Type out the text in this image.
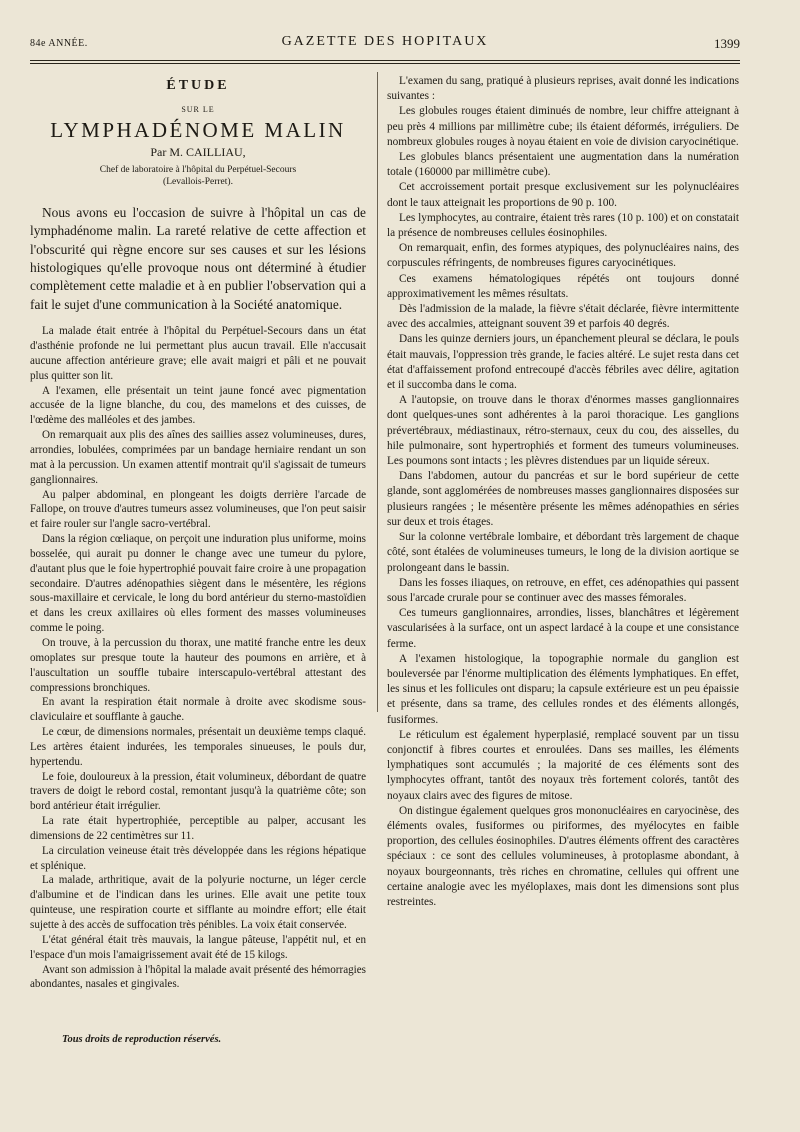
84e ANNÉE.	GAZETTE DES HOPITAUX	1399
ÉTUDE
SUR LE
LYMPHADÉNOME MALIN
Par M. CAILLIAU,
Chef de laboratoire à l'hôpital du Perpétuel-Secours
(Levallois-Perret).

Nous avons eu l'occasion de suivre à l'hôpital un cas de lymphadénome malin. La rareté relative de cette affection et l'obscurité qui règne encore sur ses causes et sur les lésions histologiques qu'elle provoque nous ont déterminé à étudier complètement cette maladie et à en publier l'observation qui a fait le sujet d'une communication à la Société anatomique.

La malade était entrée à l'hôpital du Perpétuel-Secours dans un état d'asthénie profonde ne lui permettant plus aucun travail. Elle n'accusait aucune affection antérieure grave; elle avait maigri et pâli et ne pouvait plus quitter son lit.

A l'examen, elle présentait un teint jaune foncé avec pigmentation accusée de la ligne blanche, du cou, des mamelons et des cuisses, de l'œdème des malléoles et des jambes.

On remarquait aux plis des aînes des saillies assez volumineuses, dures, arrondies, lobulées, comprimées par un bandage herniaire rendant un son mat à la percussion. Un examen attentif montrait qu'il s'agissait de tumeurs ganglionnaires.

Au palper abdominal, en plongeant les doigts derrière l'arcade de Fallope, on trouve d'autres tumeurs assez volumineuses, que l'on peut saisir et faire rouler sur l'angle sacro-vertébral.

Dans la région cœliaque, on perçoit une induration plus uniforme, moins bosselée, qui aurait pu donner le change avec une tumeur du pylore, d'autant plus que le foie hypertrophié pouvait faire croire à une propagation secondaire. D'autres adénopathies siègent dans le mésentère, les régions sous-maxillaire et cervicale, le long du bord antérieur du sterno-mastoïdien et dans les creux axillaires où elles forment des masses volumineuses comme le poing.

On trouve, à la percussion du thorax, une matité franche entre les deux omoplates sur presque toute la hauteur des poumons en arrière, et à l'auscultation un souffle tubaire interscapulo-vertébral attestant des compressions bronchiques.

En avant la respiration était normale à droite avec skodisme sous-claviculaire et soufflante à gauche.

Le cœur, de dimensions normales, présentait un deuxième temps claqué. Les artères étaient indurées, les temporales sinueuses, le pouls dur, hypertendu.

Le foie, douloureux à la pression, était volumineux, débordant de quatre travers de doigt le rebord costal, remontant jusqu'à la quatrième côte; son bord antérieur était irrégulier.

La rate était hypertrophiée, perceptible au palper, accusant les dimensions de 22 centimètres sur 11.

La circulation veineuse était très développée dans les régions hépatique et splénique.

La malade, arthritique, avait de la polyurie nocturne, un léger cercle d'albumine et de l'indican dans les urines. Elle avait une petite toux quinteuse, une respiration courte et sifflante au moindre effort; elle était sujette à des accès de suffocation très pénibles. La voix était conservée.

L'état général était très mauvais, la langue pâteuse, l'appétit nul, et en l'espace d'un mois l'amaigrissement avait été de 15 kilogs.

Avant son admission à l'hôpital la malade avait présenté des hémorragies abondantes, nasales et gingivales.

L'examen du sang, pratiqué à plusieurs reprises, avait donné les indications suivantes :

Les globules rouges étaient diminués de nombre, leur chiffre atteignant à peu près 4 millions par millimètre cube; ils étaient déformés, irréguliers. De nombreux globules rouges à noyau étaient en voie de division caryocinétique.

Les globules blancs présentaient une augmentation dans la numération totale (160000 par millimètre cube).

Cet accroissement portait presque exclusivement sur les polynucléaires dont le taux atteignait les proportions de 90 p. 100.

Les lymphocytes, au contraire, étaient très rares (10 p. 100) et on constatait la présence de nombreuses cellules éosinophiles.

On remarquait, enfin, des formes atypiques, des polynucléaires nains, des corpuscules réfringents, de nombreuses figures caryocinétiques.

Ces examens hématologiques répétés ont toujours donné approximativement les mêmes résultats.

Dès l'admission de la malade, la fièvre s'était déclarée, fièvre intermittente avec des accalmies, atteignant souvent 39 et parfois 40 degrés.

Dans les quinze derniers jours, un épanchement pleural se déclara, le pouls était mauvais, l'oppression très grande, le facies altéré. Le sujet resta dans cet état d'affaissement profond entrecoupé d'accès fébriles avec délire, agitation et il succomba dans le coma.

A l'autopsie, on trouve dans le thorax d'énormes masses ganglionnaires dont quelques-unes sont adhérentes à la paroi thoracique. Les ganglions prévertébraux, médiastinaux, rétro-sternaux, ceux du cou, des aisselles, du hile pulmonaire, sont hypertrophiés et forment des tumeurs volumineuses. Les poumons sont intacts ; les plèvres distendues par un liquide séreux.

Dans l'abdomen, autour du pancréas et sur le bord supérieur de cette glande, sont agglomérées de nombreuses masses ganglionnaires disposées sur plusieurs rangées ; le mésentère présente les mêmes adénopathies en séries sur deux et trois étages.

Sur la colonne vertébrale lombaire, et débordant très largement de chaque côté, sont étalées de volumineuses tumeurs, le long de la division aortique se prolongeant dans le bassin.

Dans les fosses iliaques, on retrouve, en effet, ces adénopathies qui passent sous l'arcade crurale pour se continuer avec des masses fémorales.

Ces tumeurs ganglionnaires, arrondies, lisses, blanchâtres et légèrement vascularisées à la surface, ont un aspect lardacé à la coupe et une consistance ferme.

A l'examen histologique, la topographie normale du ganglion est bouleversée par l'énorme multiplication des éléments lymphatiques. En effet, les sinus et les follicules ont disparu; la capsule extérieure est un peu épaissie et présente, dans sa trame, des cellules rondes et des éléments allongés, fusiformes.

Le réticulum est également hyperplasié, remplacé souvent par un tissu conjonctif à fibres courtes et enroulées. Dans ses mailles, les éléments lymphatiques sont accumulés ; la majorité de ces éléments sont des lymphocytes offrant, tantôt des noyaux très fortement colorés, tantôt des noyaux clairs avec des figures de mitose.

On distingue également quelques gros mononucléaires en caryocinèse, des éléments ovales, fusiformes ou piriformes, des myélocytes en faible proportion, des cellules éosinophiles. D'autres éléments offrent des caractères spéciaux : ce sont des cellules volumineuses, à protoplasme abondant, à noyaux bourgeonnants, très riches en chromatine, cellules qui offrent une certaine analogie avec les myéloplaxes, mais dont les dimensions sont plus restreintes.

Tous droits de reproduction réservés.
